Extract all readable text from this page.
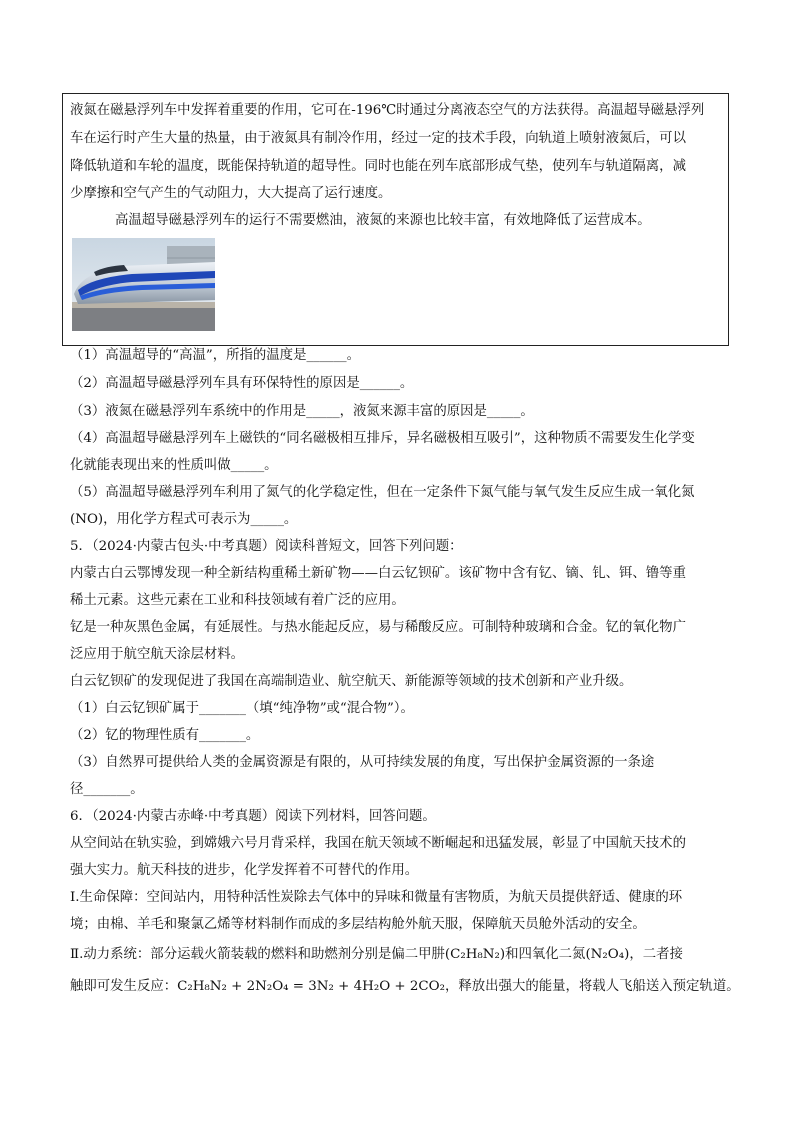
液氮在磁悬浮列车中发挥着重要的作用，它可在-196℃时通过分离液态空气的方法获得。高温超导磁悬浮列
车在运行时产生大量的热量，由于液氮具有制冷作用，经过一定的技术手段，向轨道上喷射液氮后，可以
降低轨道和车轮的温度，既能保持轨道的超导性。同时也能在列车底部形成气垫，使列车与轨道隔离，减
少摩擦和空气产生的气动阻力，大大提高了运行速度。
高温超导磁悬浮列车的运行不需要燃油，液氮的来源也比较丰富，有效地降低了运营成本。
（1）高温超导的“高温”，所指的温度是______。
（2）高温超导磁悬浮列车具有环保特性的原因是______。
（3）液氮在磁悬浮列车系统中的作用是_____，液氮来源丰富的原因是_____。
（4）高温超导磁悬浮列车上磁铁的“同名磁极相互排斥，异名磁极相互吸引”，这种物质不需要发生化学变
化就能表现出来的性质叫做_____。
（5）高温超导磁悬浮列车利用了氮气的化学稳定性，但在一定条件下氮气能与氧气发生反应生成一氧化氮
(NO)，用化学方程式可表示为_____。
5．（2024·内蒙古包头·中考真题）阅读科普短文，回答下列问题：
内蒙古白云鄂博发现一种全新结构重稀土新矿物——白云钇钡矿。该矿物中含有钇、镝、钆、铒、镥等重
稀土元素。这些元素在工业和科技领域有着广泛的应用。
钇是一种灰黑色金属，有延展性。与热水能起反应，易与稀酸反应。可制特种玻璃和合金。钇的氧化物广
泛应用于航空航天涂层材料。
白云钇钡矿的发现促进了我国在高端制造业、航空航天、新能源等领域的技术创新和产业升级。
（1）白云钇钡矿属于_______（填“纯净物”或“混合物”）。
（2）钇的物理性质有_______。
（3）自然界可提供给人类的金属资源是有限的，从可持续发展的角度，写出保护金属资源的一条途
径_______。
6．（2024·内蒙古赤峰·中考真题）阅读下列材料，回答问题。
从空间站在轨实验，到嫦娥六号月背采样，我国在航天领域不断崛起和迅猛发展，彰显了中国航天技术的
强大实力。航天科技的进步，化学发挥着不可替代的作用。
Ⅰ.生命保障：空间站内，用特种活性炭除去气体中的异味和微量有害物质，为航天员提供舒适、健康的环
境；由棉、羊毛和聚氯乙烯等材料制作而成的多层结构舱外航天服，保障航天员舱外活动的安全。
Ⅱ.动力系统：部分运载火箭装载的燃料和助燃剂分别是偏二甲肼(C₂H₈N₂)和四氧化二氮(N₂O₄)，二者接
触即可发生反应：C₂H₈N₂ + 2N₂O₄ = 3N₂ + 4H₂O + 2CO₂，释放出强大的能量，将载人飞船送入预定轨道。
